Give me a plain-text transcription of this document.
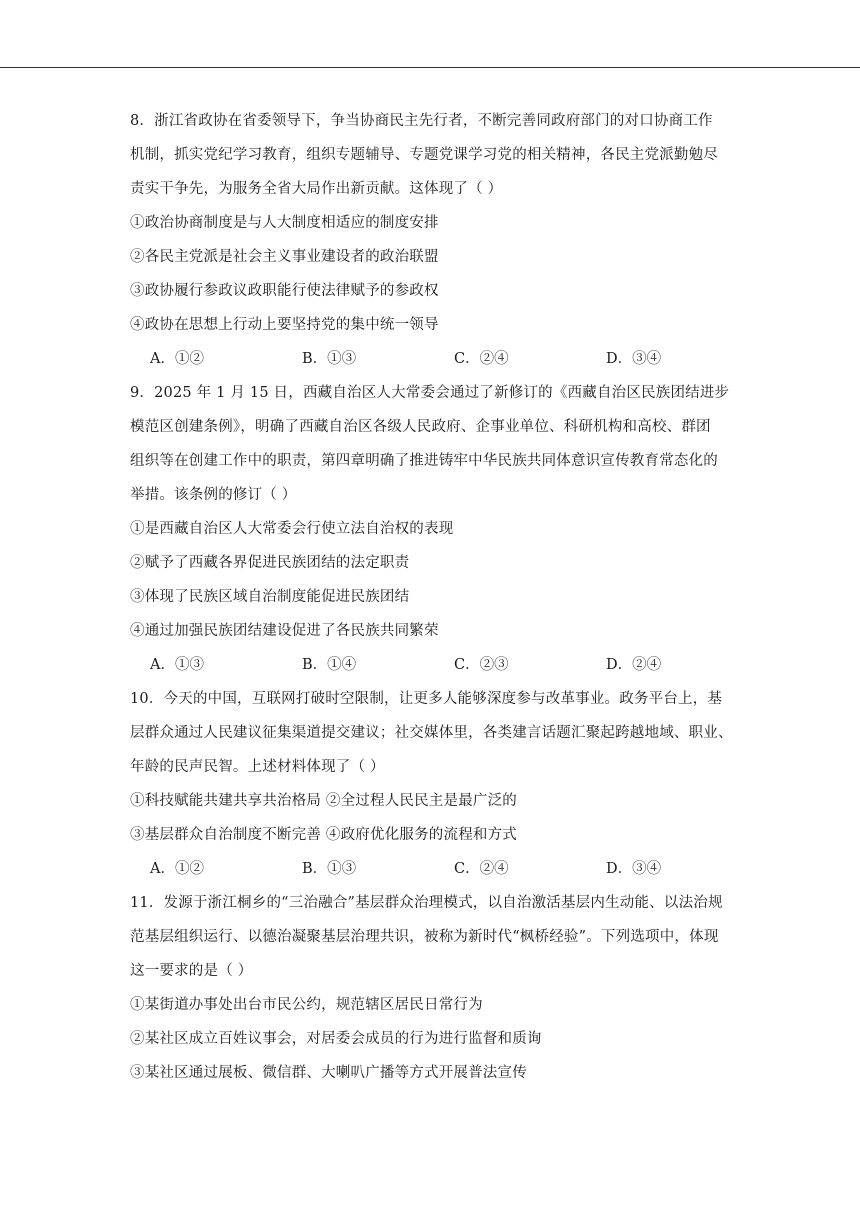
8．浙江省政协在省委领导下，争当协商民主先行者，不断完善同政府部门的对口协商工作
机制，抓实党纪学习教育，组织专题辅导、专题党课学习党的相关精神，各民主党派勤勉尽
责实干争先，为服务全省大局作出新贡献。这体现了（ ）
①政治协商制度是与人大制度相适应的制度安排
②各民主党派是社会主义事业建设者的政治联盟
③政协履行参政议政职能行使法律赋予的参政权
④政协在思想上行动上要坚持党的集中统一领导
A．①②	B．①③	C．②④	D．③④
9．2025 年 1 月 15 日，西藏自治区人大常委会通过了新修订的《西藏自治区民族团结进步
模范区创建条例》，明确了西藏自治区各级人民政府、企事业单位、科研机构和高校、群团
组织等在创建工作中的职责，第四章明确了推进铸牢中华民族共同体意识宣传教育常态化的
举措。该条例的修订（ ）
①是西藏自治区人大常委会行使立法自治权的表现
②赋予了西藏各界促进民族团结的法定职责
③体现了民族区域自治制度能促进民族团结
④通过加强民族团结建设促进了各民族共同繁荣
A．①③	B．①④	C．②③	D．②④
10．今天的中国，互联网打破时空限制，让更多人能够深度参与改革事业。政务平台上，基
层群众通过人民建议征集渠道提交建议；社交媒体里，各类建言话题汇聚起跨越地域、职业、
年龄的民声民智。上述材料体现了（ ）
①科技赋能共建共享共治格局 ②全过程人民民主是最广泛的
③基层群众自治制度不断完善 ④政府优化服务的流程和方式
A．①②	B．①③	C．②④	D．③④
11．发源于浙江桐乡的“三治融合”基层群众治理模式，以自治激活基层内生动能、以法治规
范基层组织运行、以德治凝聚基层治理共识，被称为新时代“枫桥经验”。下列选项中，体现
这一要求的是（ ）
①某街道办事处出台市民公约，规范辖区居民日常行为
②某社区成立百姓议事会，对居委会成员的行为进行监督和质询
③某社区通过展板、微信群、大喇叭广播等方式开展普法宣传
